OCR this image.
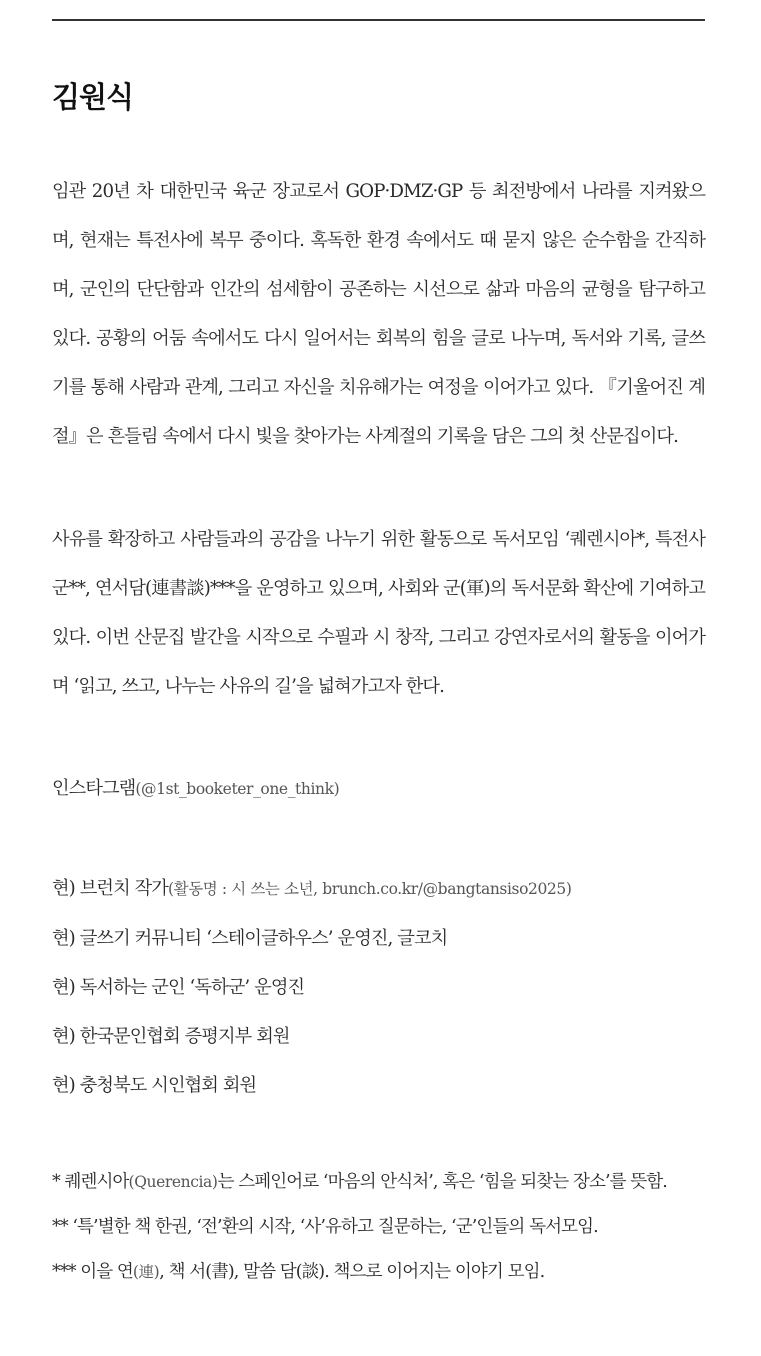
김원식

임관 20년 차 대한민국 육군 장교로서 GOP·DMZ·GP 등 최전방에서 나라를 지켜왔으며, 현재는 특전사에 복무 중이다. 혹독한 환경 속에서도 때 묻지 않은 순수함을 간직하며, 군인의 단단함과 인간의 섬세함이 공존하는 시선으로 삶과 마음의 균형을 탐구하고 있다. 공황의 어둠 속에서도 다시 일어서는 회복의 힘을 글로 나누며, 독서와 기록, 글쓰기를 통해 사람과 관계, 그리고 자신을 치유해가는 여정을 이어가고 있다. 『기울어진 계절』은 흔들림 속에서 다시 빛을 찾아가는 사계절의 기록을 담은 그의 첫 산문집이다.

사유를 확장하고 사람들과의 공감을 나누기 위한 활동으로 독서모임 ‘퀘렌시아*, 특전사군**, 연서담(連書談)***을 운영하고 있으며, 사회와 군(軍)의 독서문화 확산에 기여하고 있다. 이번 산문집 발간을 시작으로 수필과 시 창작, 그리고 강연자로서의 활동을 이어가며 ‘읽고, 쓰고, 나누는 사유의 길’을 넓혀가고자 한다.

인스타그램(@1st_booketer_one_think)

현) 브런치 작가(활동명 : 시 쓰는 소년, brunch.co.kr/@bangtansiso2025)

현) 글쓰기 커뮤니티 ‘스테이글하우스’ 운영진, 글코치

현) 독서하는 군인 ‘독하군’ 운영진

현) 한국문인협회 증평지부 회원

현) 충청북도 시인협회 회원

* 퀘렌시아(Querencia)는 스페인어로 ‘마음의 안식처’, 혹은 ‘힘을 되찾는 장소’를 뜻함.

** ‘특’별한 책 한권, ‘전’환의 시작, ‘사’유하고 질문하는, ‘군’인들의 독서모임.

*** 이을 연(連), 책 서(書), 말씀 담(談). 책으로 이어지는 이야기 모임.
